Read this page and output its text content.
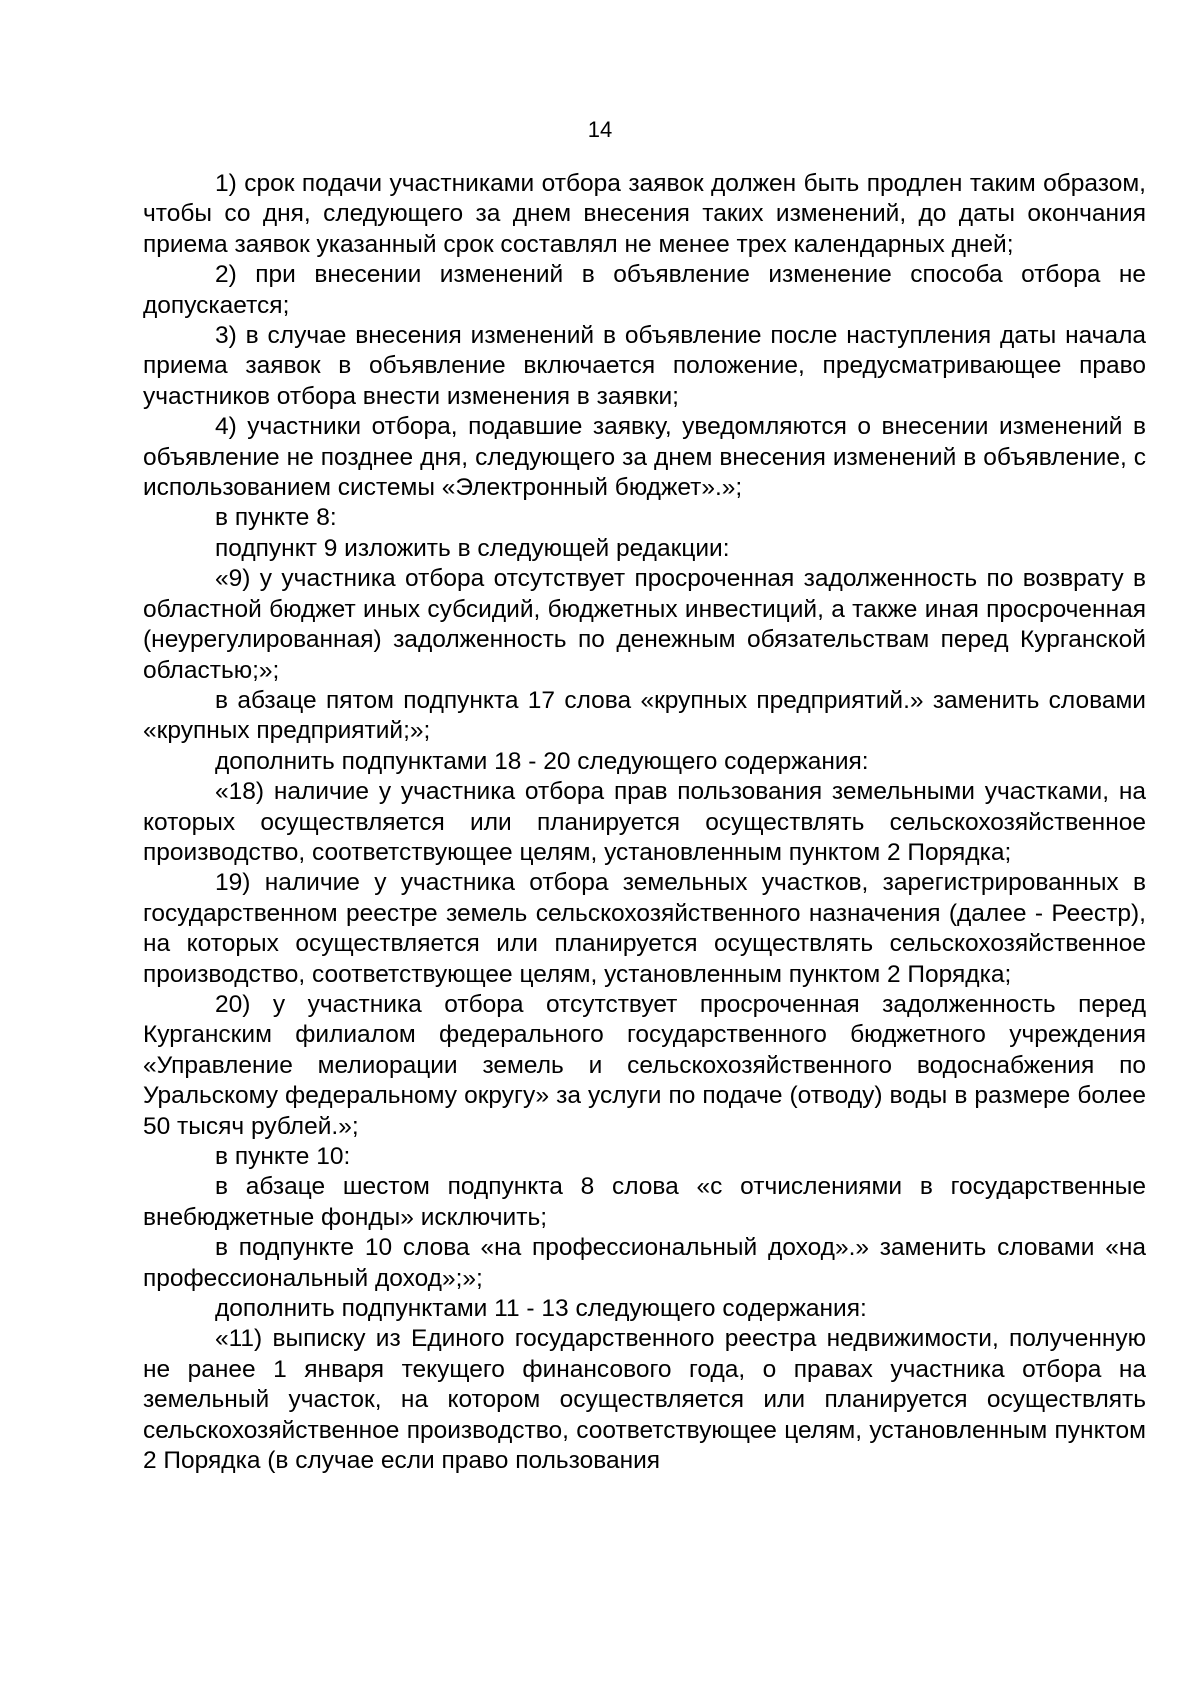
14

1) срок подачи участниками отбора заявок должен быть продлен таким образом, чтобы со дня, следующего за днем внесения таких изменений, до даты окончания приема заявок указанный срок составлял не менее трех календарных дней;

2) при внесении изменений в объявление изменение способа отбора не допускается;

3) в случае внесения изменений в объявление после наступления даты начала приема заявок в объявление включается положение, предусматривающее право участников отбора внести изменения в заявки;

4) участники отбора, подавшие заявку, уведомляются о внесении изменений в объявление не позднее дня, следующего за днем внесения изменений в объявление, с использованием системы «Электронный бюджет».»;

в пункте 8:

подпункт 9 изложить в следующей редакции:

«9) у участника отбора отсутствует просроченная задолженность по возврату в областной бюджет иных субсидий, бюджетных инвестиций, а также иная просроченная (неурегулированная) задолженность по денежным обязательствам перед Курганской областью;»;

в абзаце пятом подпункта 17 слова «крупных предприятий.» заменить словами «крупных предприятий;»;

дополнить подпунктами 18 - 20 следующего содержания:

«18) наличие у участника отбора прав пользования земельными участками, на которых осуществляется или планируется осуществлять сельскохозяйственное производство, соответствующее целям, установленным пунктом 2 Порядка;

19) наличие у участника отбора земельных участков, зарегистрированных в государственном реестре земель сельскохозяйственного назначения (далее - Реестр), на которых осуществляется или планируется осуществлять сельскохозяйственное производство, соответствующее целям, установленным пунктом 2 Порядка;

20) у участника отбора отсутствует просроченная задолженность перед Курганским филиалом федерального государственного бюджетного учреждения «Управление мелиорации земель и сельскохозяйственного водоснабжения по Уральскому федеральному округу» за услуги по подаче (отводу) воды в размере более 50 тысяч рублей.»;

в пункте 10:

в абзаце шестом подпункта 8 слова «с отчислениями в государственные внебюджетные фонды» исключить;

в подпункте 10 слова «на профессиональный доход».» заменить словами «на профессиональный доход»;»;

дополнить подпунктами 11 - 13 следующего содержания:

«11) выписку из Единого государственного реестра недвижимости, полученную не ранее 1 января текущего финансового года, о правах участника отбора на земельный участок, на котором осуществляется или планируется осуществлять сельскохозяйственное производство, соответствующее целям, установленным пунктом 2 Порядка (в случае если право пользования
